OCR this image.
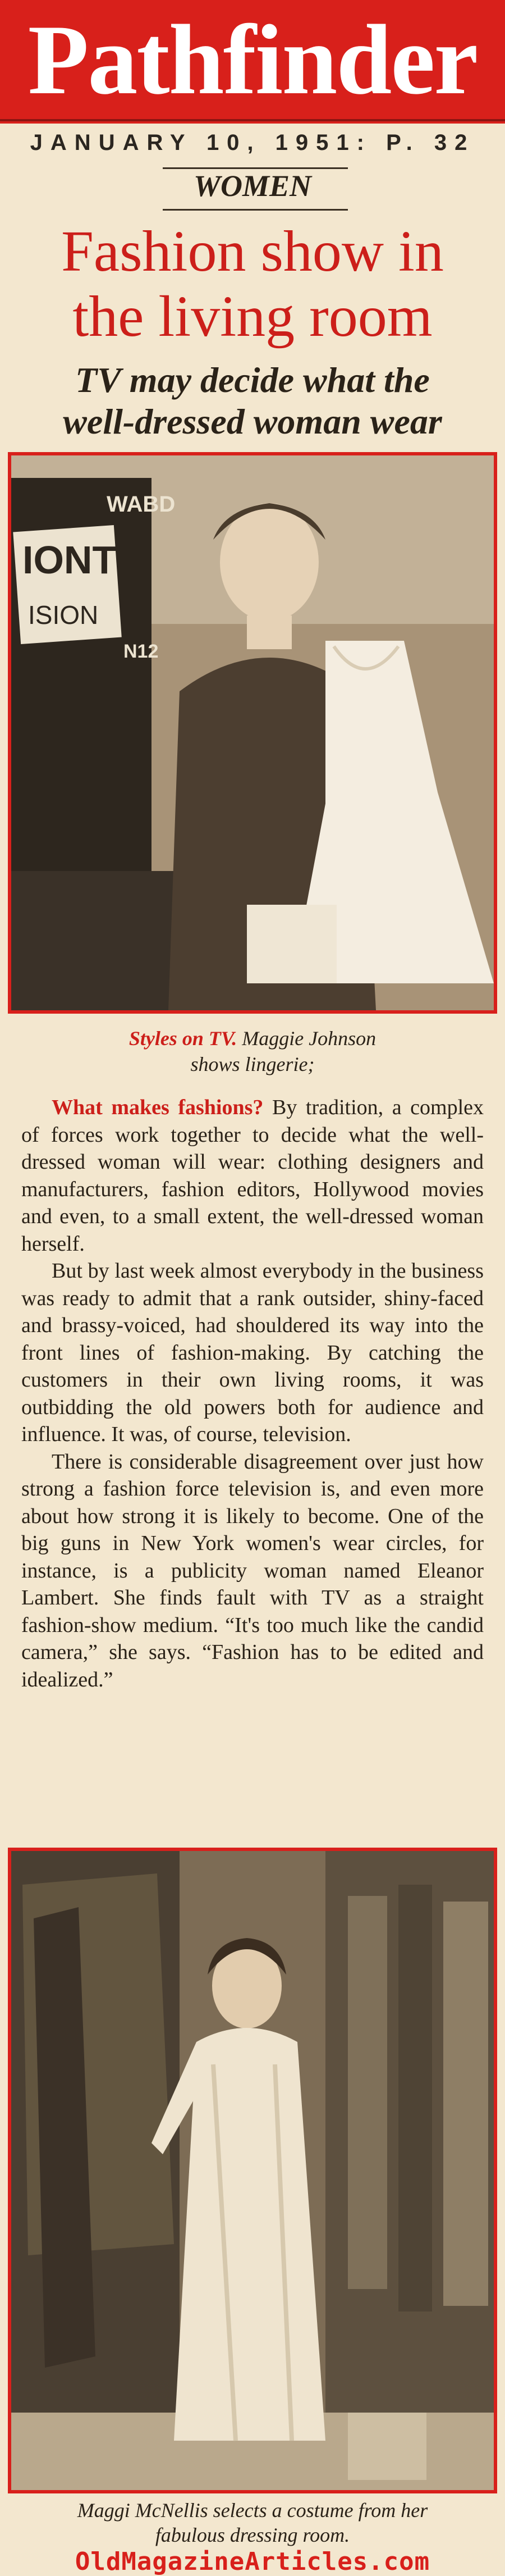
Pathfinder
JANUARY 10, 1951: P. 32
WOMEN
Fashion show in
the living room
TV may decide what the
well-dressed woman wear
IONT
ISION
WABD
N12
Styles on TV. Maggie Johnson
shows lingerie;

What makes fashions? By tradition, a complex of forces work together to decide what the well-dressed woman will wear: clothing designers and manufacturers, fashion editors, Hollywood movies and even, to a small extent, the well-dressed woman herself.

But by last week almost everybody in the business was ready to admit that a rank outsider, shiny-faced and brassy-voiced, had shouldered its way into the front lines of fashion-making. By catching the customers in their own living rooms, it was outbidding the old powers both for audience and influence. It was, of course, television.

There is considerable disagreement over just how strong a fashion force television is, and even more about how strong it is likely to become. One of the big guns in New York women's wear circles, for instance, is a publicity woman named Eleanor Lambert. She finds fault with TV as a straight fashion-show medium. “It's too much like the candid camera,” she says. “Fashion has to be edited and idealized.”

Maggi McNellis selects a costume from her
fabulous dressing room.
OldMagazineArticles.com
